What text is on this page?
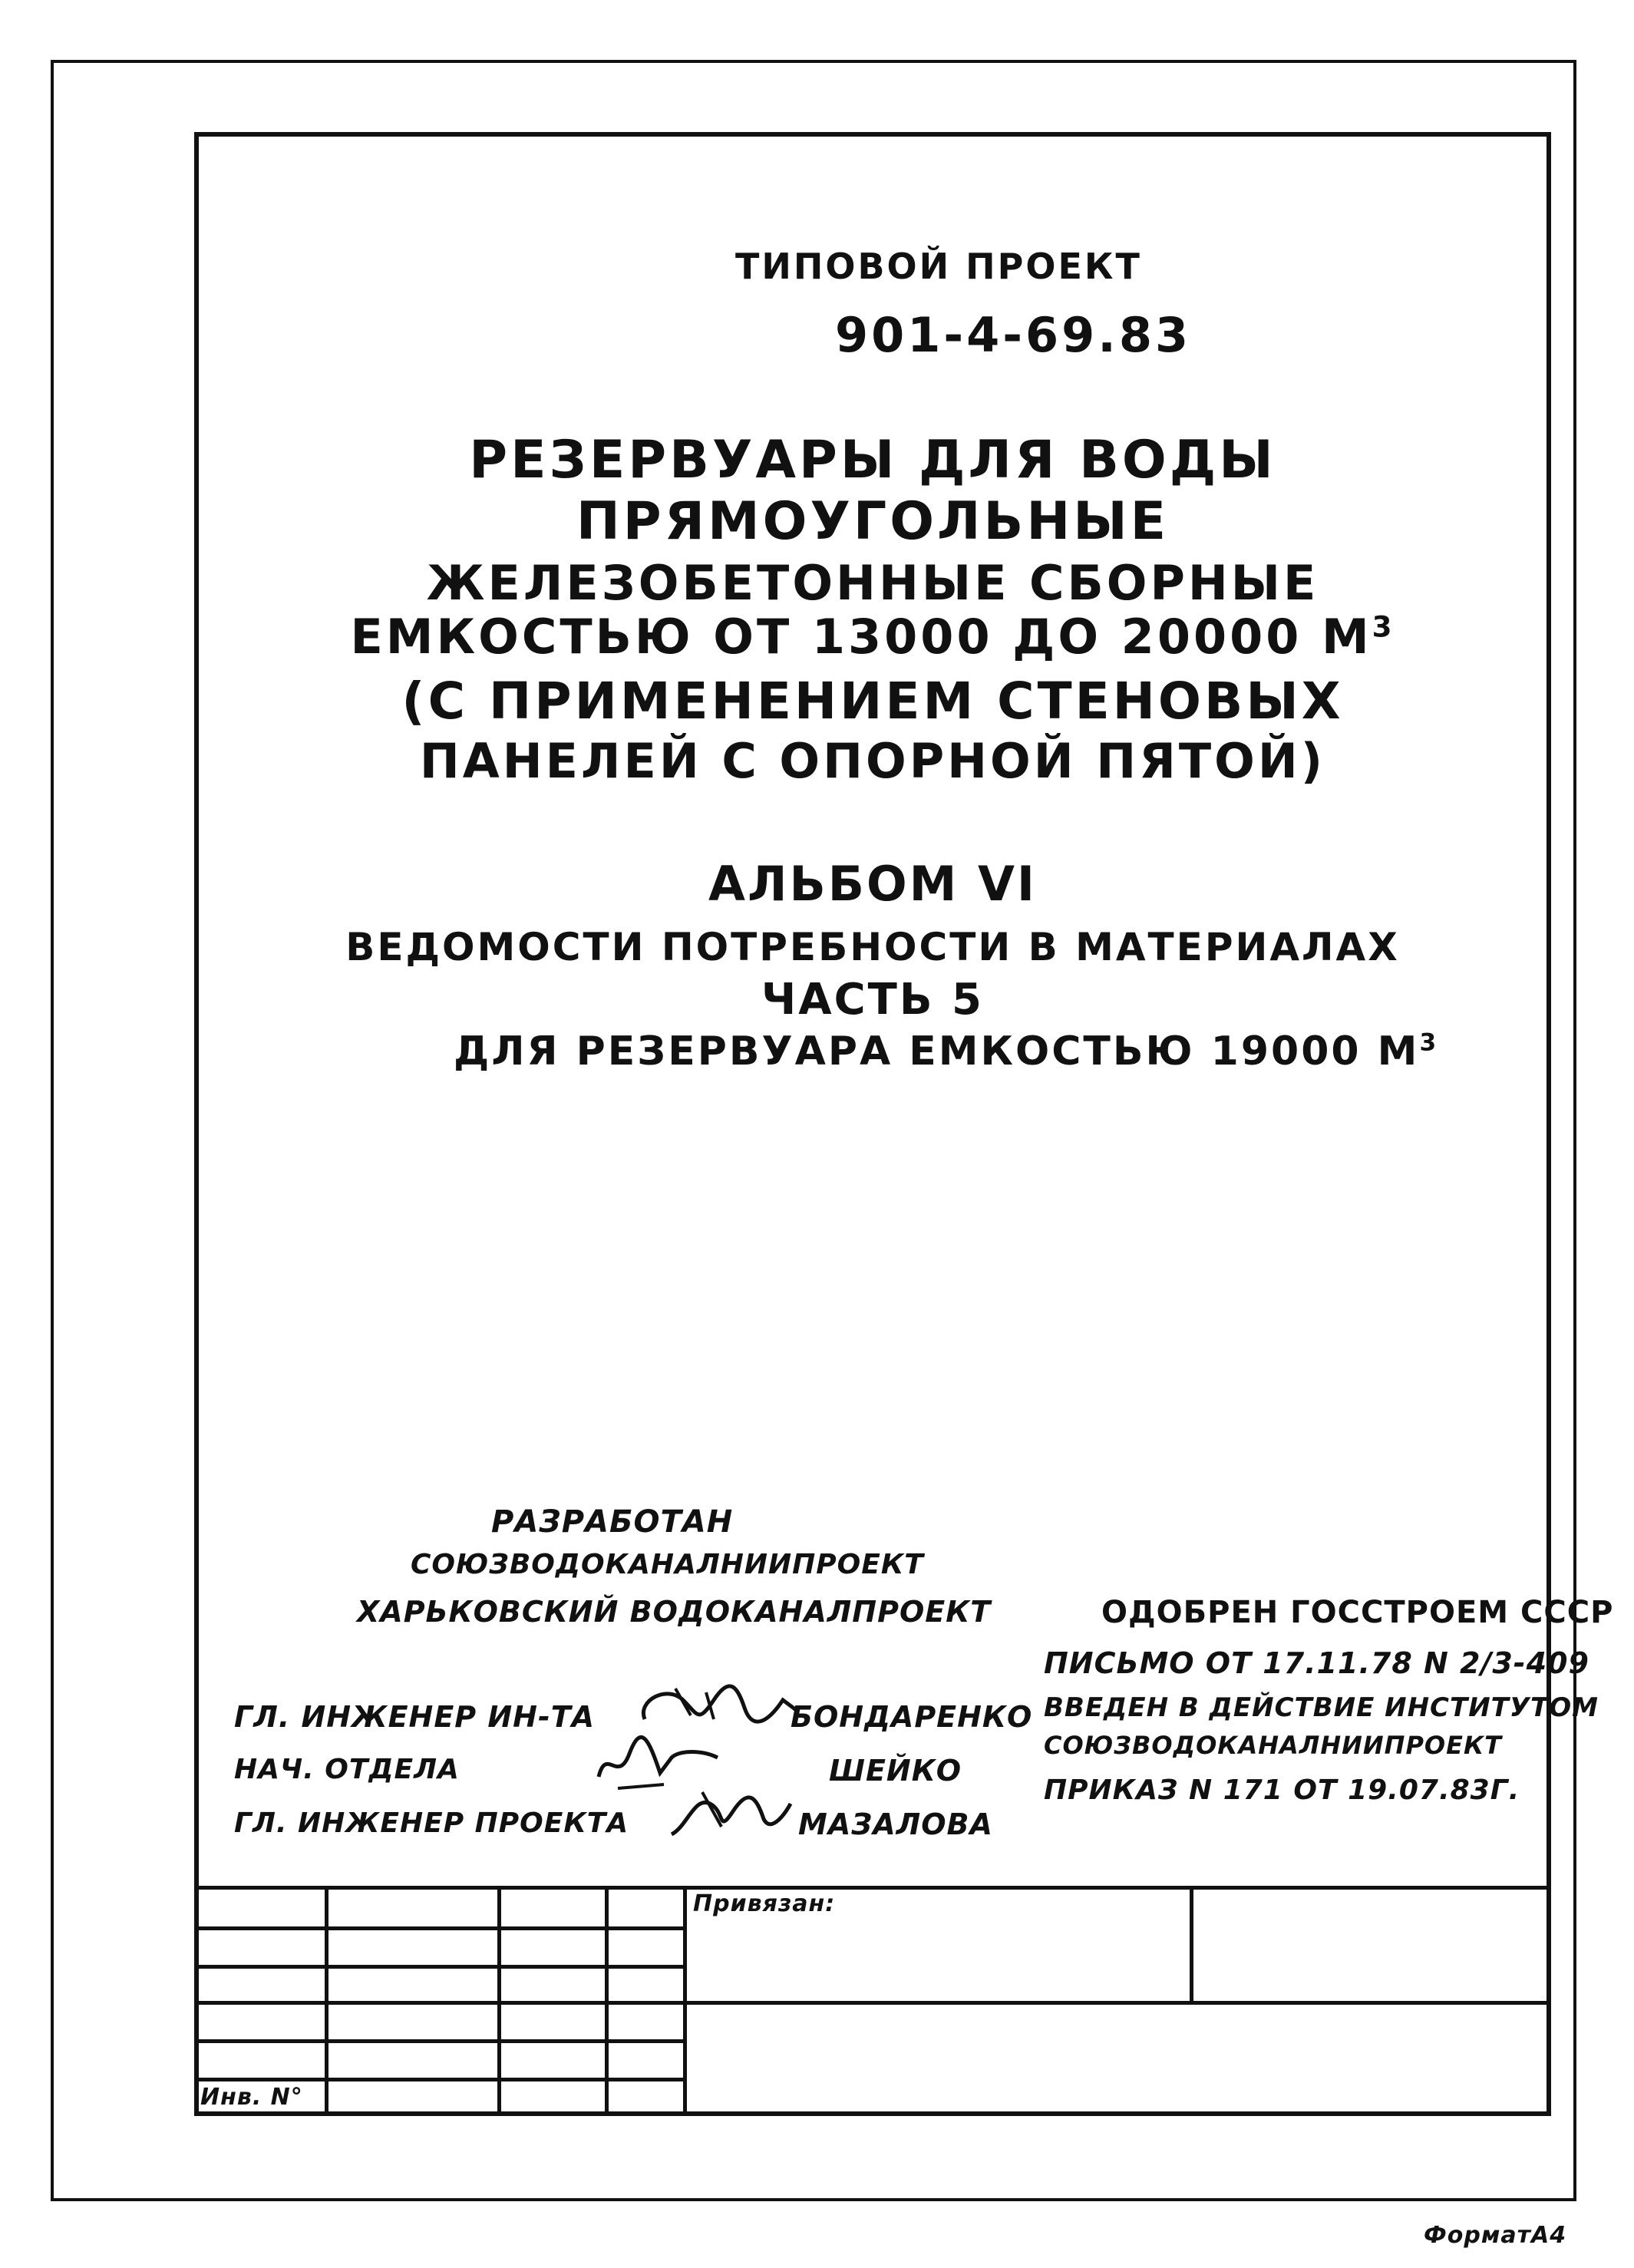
ТИПОВОЙ ПРОЕКТ
901-4-69.83
РЕЗЕРВУАРЫ ДЛЯ ВОДЫ
ПРЯМОУГОЛЬНЫЕ
ЖЕЛЕЗОБЕТОННЫЕ СБОРНЫЕ
ЕМКОСТЬЮ ОТ 13000 ДО 20000 $М^3$
(С ПРИМЕНЕНИЕМ СТЕНОВЫХ
ПАНЕЛЕЙ С ОПОРНОЙ ПЯТОЙ)
АЛЬБОМ VI
ВЕДОМОСТИ ПОТРЕБНОСТИ В МАТЕРИАЛАХ
ЧАСТЬ 5
ДЛЯ РЕЗЕРВУАРА ЕМКОСТЬЮ 19000 $М^3$
РАЗРАБОТАН
СОЮЗВОДОКАНАЛНИИПРОЕКТ
ХАРЬКОВСКИЙ ВОДОКАНАЛПРОЕКТ
ГЛ. ИНЖЕНЕР ИН-ТА	БОНДАРЕНКО
НАЧ. ОТДЕЛА	ШЕЙКО
ГЛ. ИНЖЕНЕР ПРОЕКТА	МАЗАЛОВА
ОДОБРЕН ГОССТРОЕМ СССР
ПИСЬМО ОТ 17.11.78 N 2/3-409
ВВЕДЕН В ДЕЙСТВИЕ ИНСТИТУТОМ
СОЮЗВОДОКАНАЛНИИПРОЕКТ
ПРИКАЗ N 171 ОТ 19.07.83Г.
Привязан:
Инв. N°
ФорматА4
